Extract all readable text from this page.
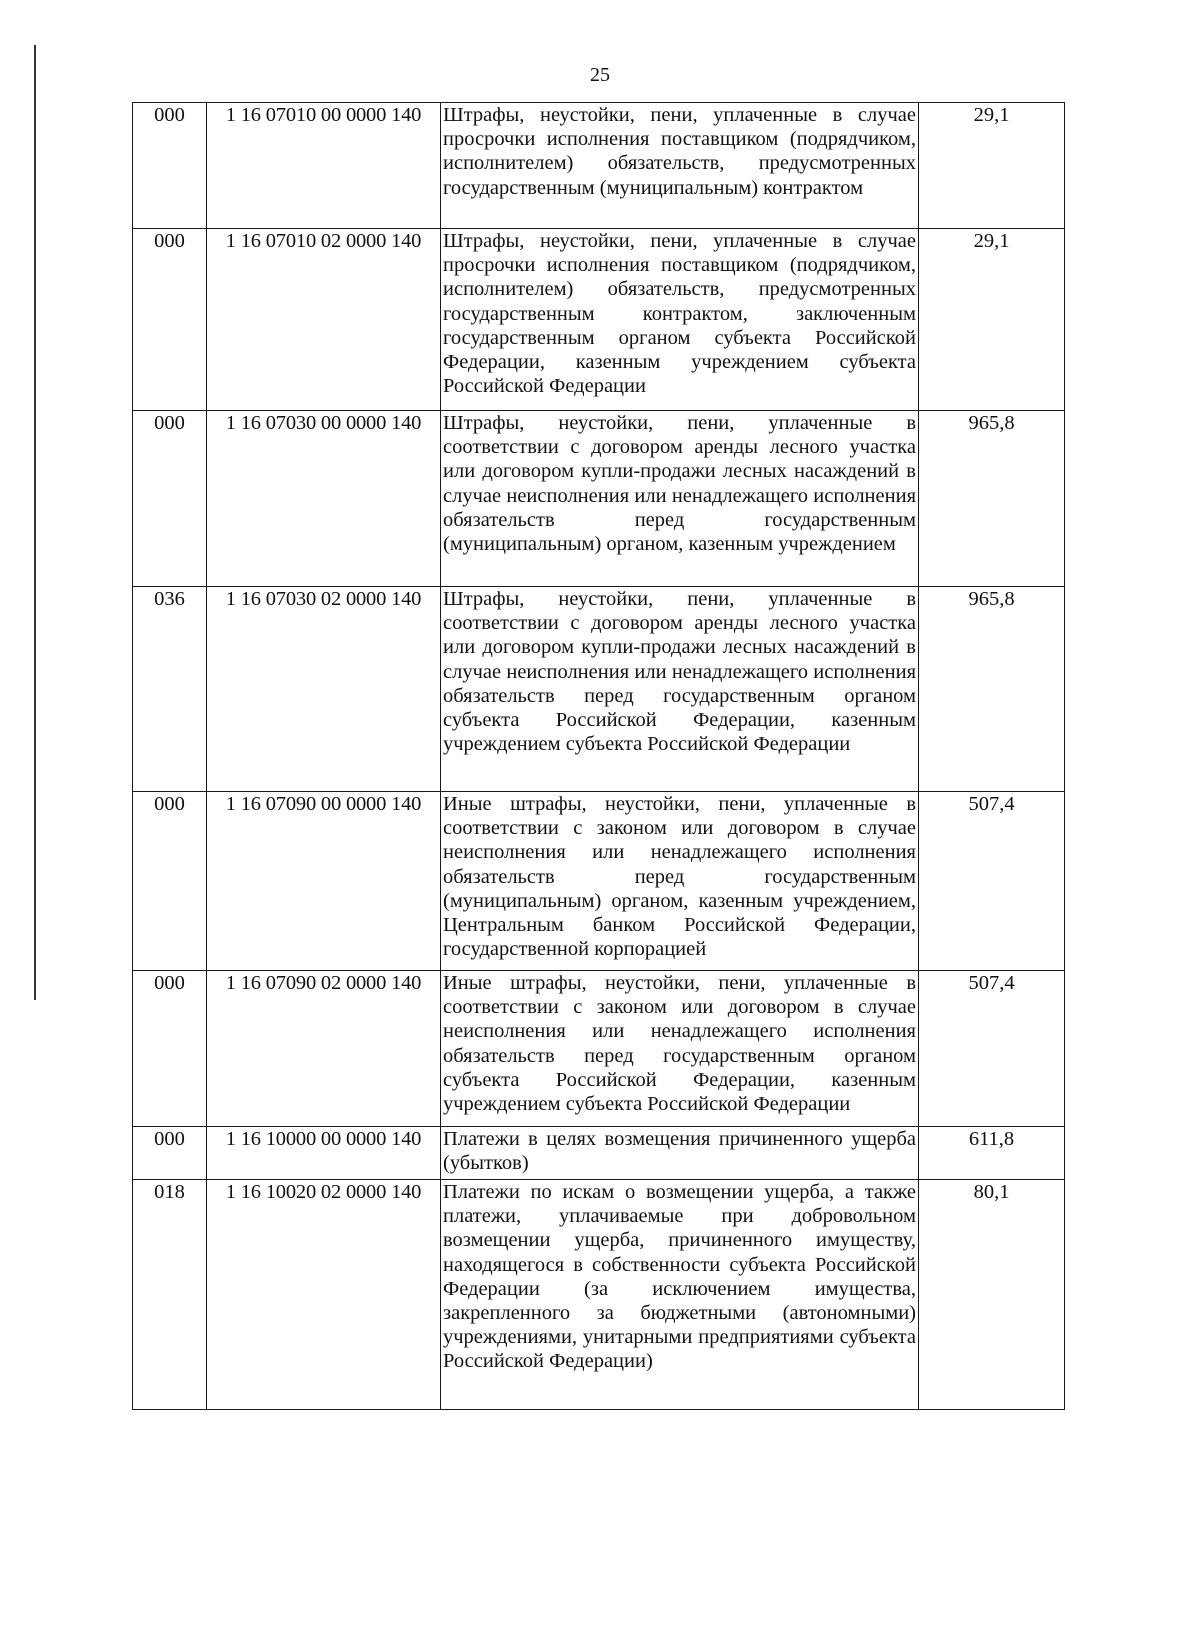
25
000	1 16 07010 00 0000 140	Штрафы, неустойки, пени, уплаченные в случае просрочки исполнения поставщиком (подрядчиком, исполнителем) обязательств, предусмотренных государственным (муниципальным) контрактом	29,1
000	1 16 07010 02 0000 140	Штрафы, неустойки, пени, уплаченные в случае просрочки исполнения поставщиком (подрядчиком, исполнителем) обязательств, предусмотренных государственным контрактом, заключенным государственным органом субъекта Российской Федерации, казенным учреждением субъекта Российской Федерации	29,1
000	1 16 07030 00 0000 140	Штрафы, неустойки, пени, уплаченные в соответствии с договором аренды лесного участка или договором купли-продажи лесных насаждений в случае неисполнения или ненадлежащего исполнения обязательств перед государственным (муниципальным) органом, казенным учреждением	965,8
036	1 16 07030 02 0000 140	Штрафы, неустойки, пени, уплаченные в соответствии с договором аренды лесного участка или договором купли-продажи лесных насаждений в случае неисполнения или ненадлежащего исполнения обязательств перед государственным органом субъекта Российской Федерации, казенным учреждением субъекта Российской Федерации	965,8
000	1 16 07090 00 0000 140	Иные штрафы, неустойки, пени, уплаченные в соответствии с законом или договором в случае неисполнения или ненадлежащего исполнения обязательств перед государственным (муниципальным) органом, казенным учреждением, Центральным банком Российской Федерации, государственной корпорацией	507,4
000	1 16 07090 02 0000 140	Иные штрафы, неустойки, пени, уплаченные в соответствии с законом или договором в случае неисполнения или ненадлежащего исполнения обязательств перед государственным органом субъекта Российской Федерации, казенным учреждением субъекта Российской Федерации	507,4
000	1 16 10000 00 0000 140	Платежи в целях возмещения причиненного ущерба (убытков)	611,8
018	1 16 10020 02 0000 140	Платежи по искам о возмещении ущерба, а также платежи, уплачиваемые при добровольном возмещении ущерба, причиненного имуществу, находящегося в собственности субъекта Российской Федерации (за исключением имущества, закрепленного за бюджетными (автономными) учреждениями, унитарными предприятиями субъекта Российской Федерации)	80,1
